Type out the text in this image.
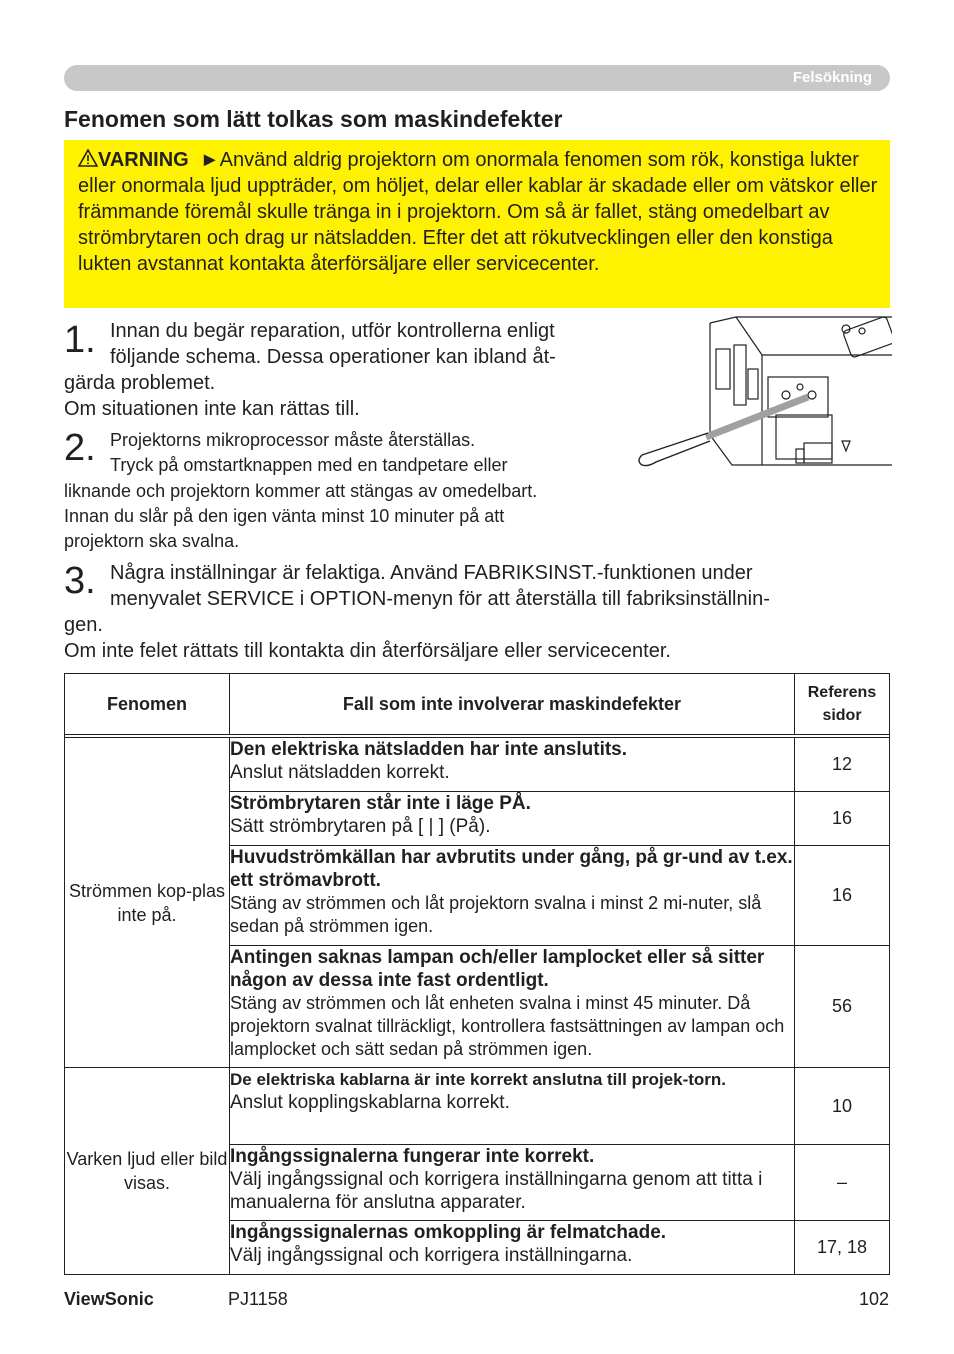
Felsökning
Fenomen som lätt tolkas som maskindefekter

VARNING ►Använd aldrig projektorn om onormala fenomen som rök, konstiga lukter eller onormala ljud uppträder, om höljet, delar eller kablar är skadade eller om vätskor eller främmande föremål skulle tränga in i projektorn. Om så är fallet, stäng omedelbart av strömbrytaren och drag ur nätsladden. Efter det att rökutvecklingen eller den konstiga lukten avstannat kontakta återförsäljare eller servicecenter.

1. Innan du begär reparation, utför kontrollerna enligt

följande schema. Dessa operationer kan ibland åt-

gärda problemet.

Om situationen inte kan rättas till.

2. Projektorns mikroprocessor måste återställas.

Tryck på omstartknappen med en tandpetare eller

liknande och projektorn kommer att stängas av omedelbart.

Innan du slår på den igen vänta minst 10 minuter på att

projektorn ska svalna.

3. Några inställningar är felaktiga. Använd FABRIKSINST.-funktionen under

menyvalet SERVICE i OPTION-menyn för att återställa till fabriksinställnin-

gen.

Om inte felet rättats till kontakta din återförsäljare eller servicecenter.

Fenomen	Fall som inte involverar maskindefekter	Referens
sidor

Strömmen kop-plas inte på.	Den elektriska nätsladden har inte anslutits.
Anslut nätsladden korrekt.	12
	Strömbrytaren står inte i läge PÅ.
Sätt strömbrytaren på [ | ] (På).	16
	Huvudströmkällan har avbrutits under gång, på gr-und av t.ex. ett strömavbrott.
Stäng av strömmen och låt projektorn svalna i minst 2 mi-nuter, slå sedan på strömmen igen.	16
	Antingen saknas lampan och/eller lamplocket eller så sitter någon av dessa inte fast ordentligt.
Stäng av strömmen och låt enheten svalna i minst 45 minuter. Då projektorn svalnat tillräckligt, kontrollera fastsättningen av lampan och lamplocket och sätt sedan på strömmen igen.	56
Varken ljud eller bild visas.	De elektriska kablarna är inte korrekt anslutna till projek-torn.
Anslut kopplingskablarna korrekt.	10
	Ingångssignalerna fungerar inte korrekt.
Välj ingångssignal och korrigera inställningarna genom att titta i manualerna för anslutna apparater.	–
	Ingångssignalernas omkoppling är felmatchade.
Välj ingångssignal och korrigera inställningarna.	17, 18
ViewSonic	PJ1158	102
